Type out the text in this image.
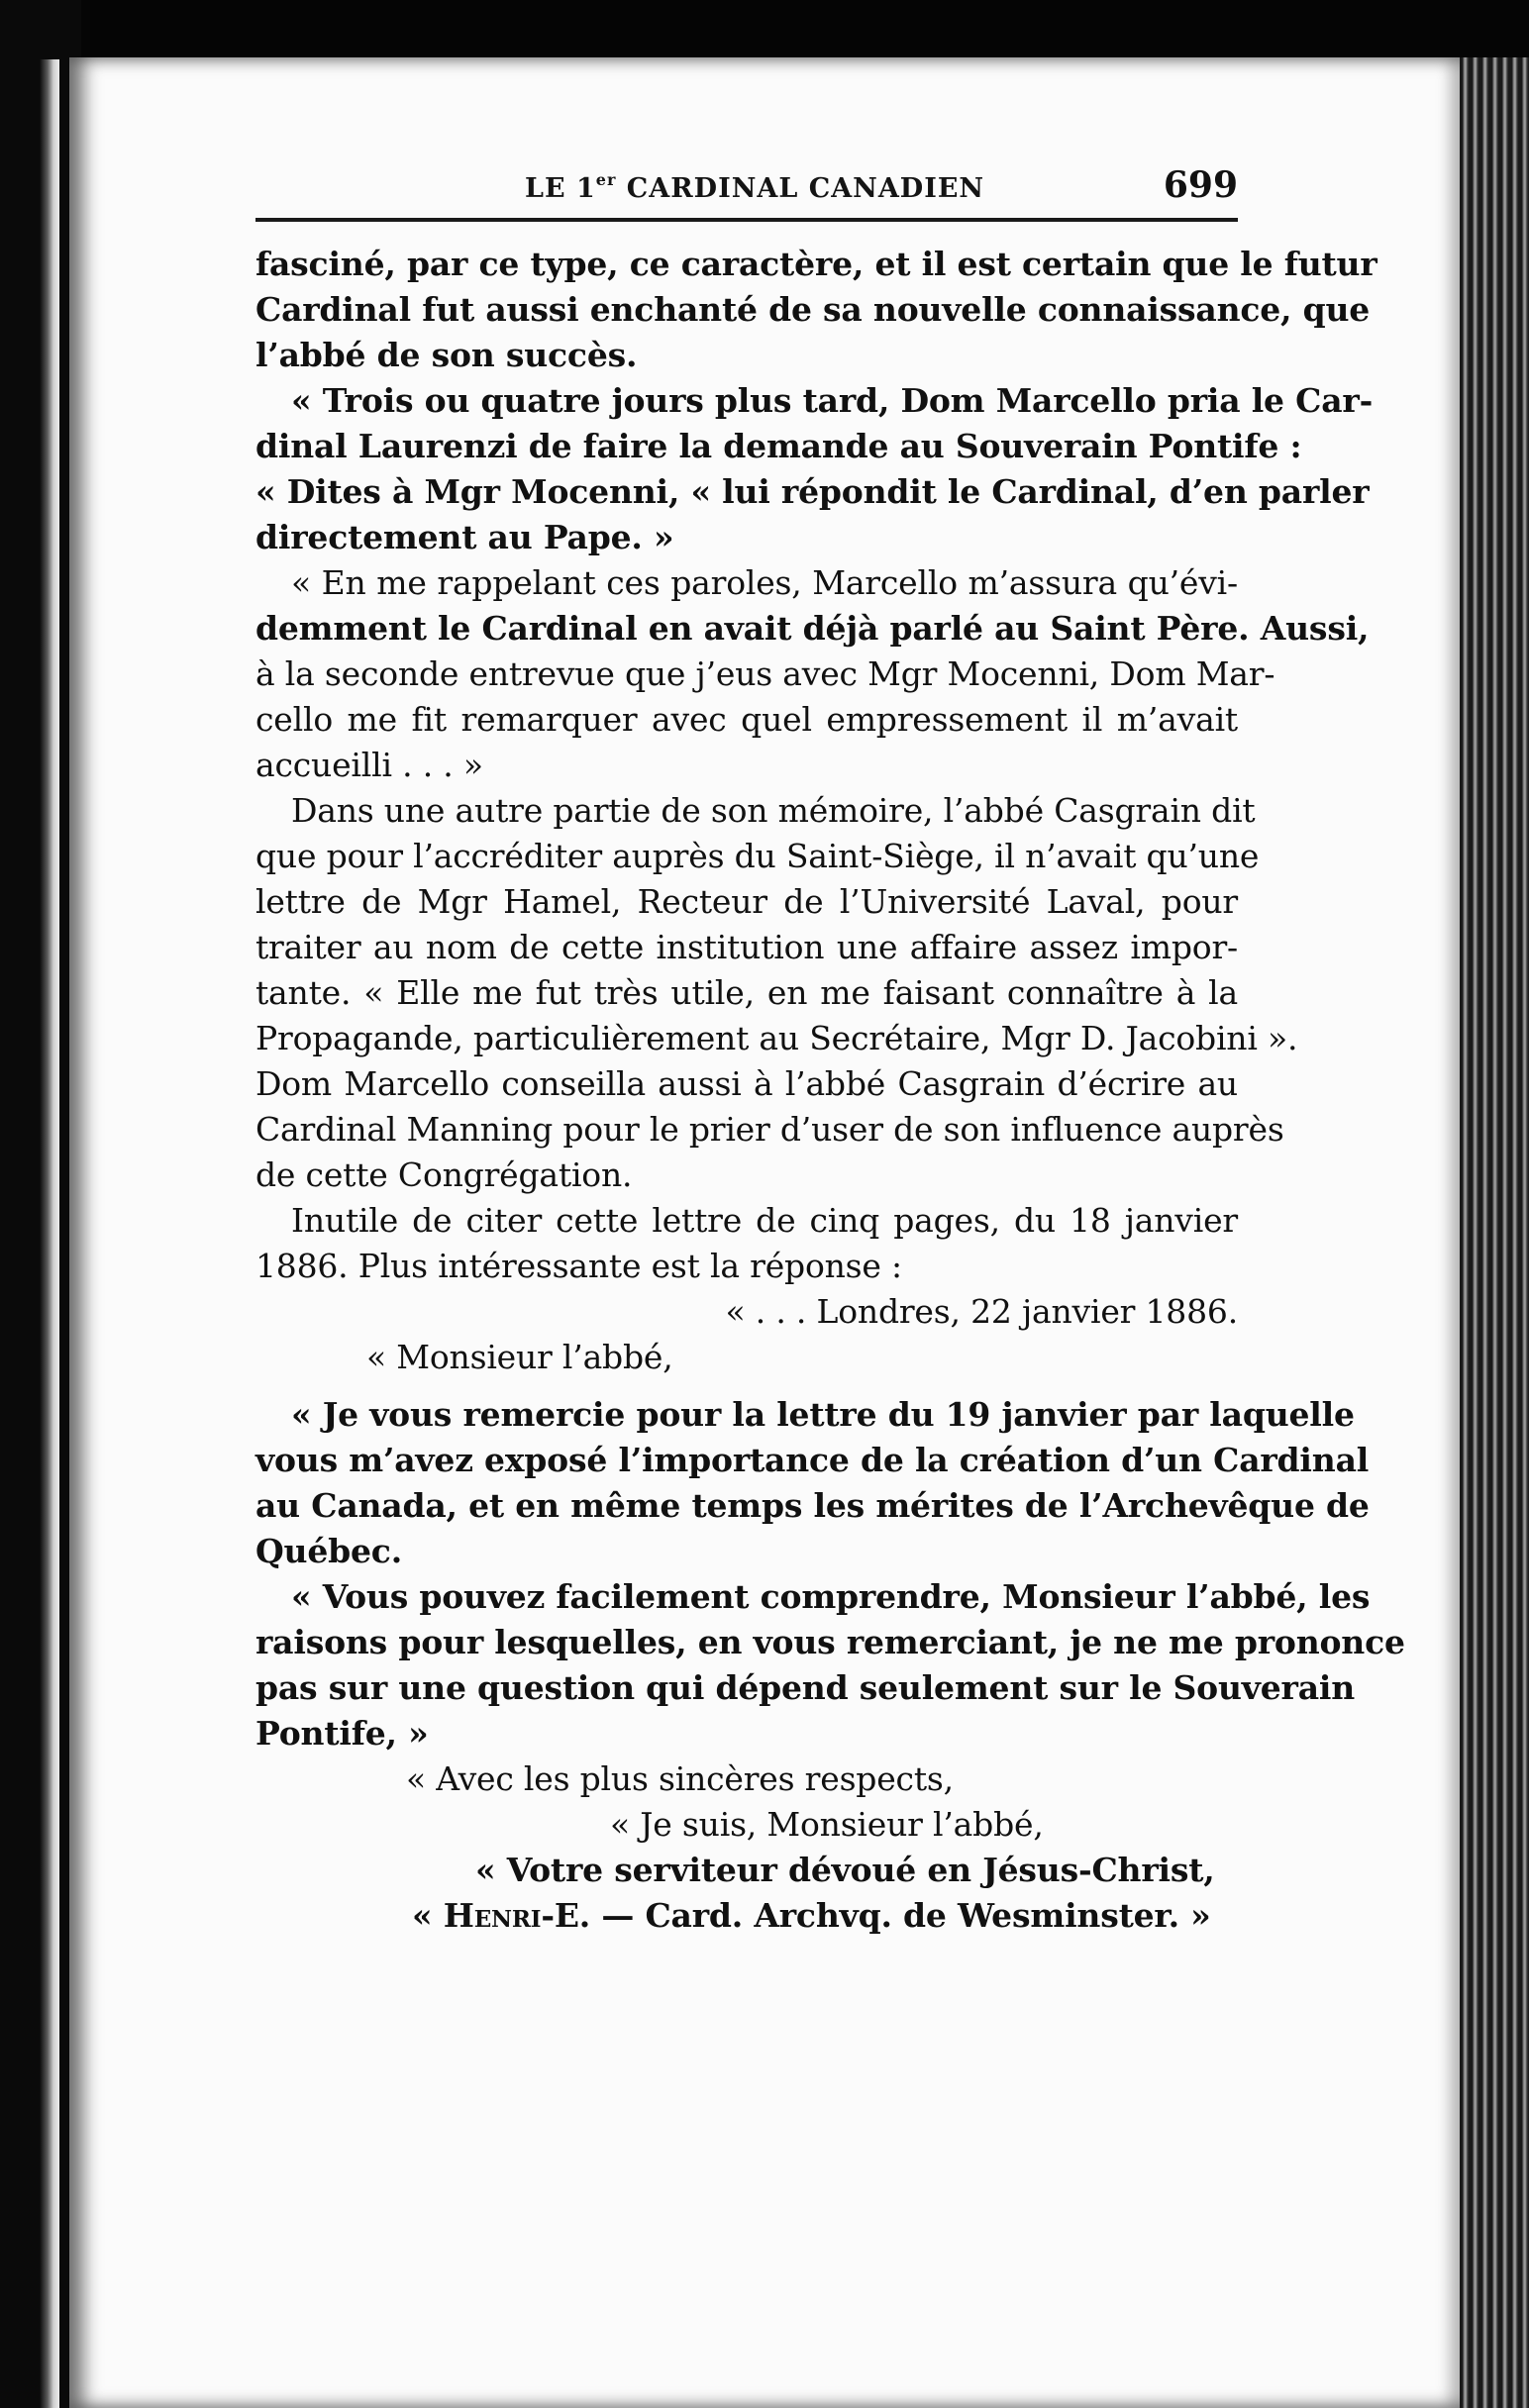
LE 1er CARDINAL CANADIEN	699
fasciné, par ce type, ce caractère, et il est certain que le futur
Cardinal fut aussi enchanté de sa nouvelle connaissance, que
l’abbé de son succès.
« Trois ou quatre jours plus tard, Dom Marcello pria le Car-
dinal Laurenzi de faire la demande au Souverain Pontife :
« Dites à Mgr Mocenni, « lui répondit le Cardinal, d’en parler
directement au Pape. »
« En me rappelant ces paroles, Marcello m’assura qu’évi-
demment le Cardinal en avait déjà parlé au Saint Père. Aussi,
à la seconde entrevue que j’eus avec Mgr Mocenni, Dom Mar-
cello me fit remarquer avec quel empressement il m’avait
accueilli . . . »
Dans une autre partie de son mémoire, l’abbé Casgrain dit
que pour l’accréditer auprès du Saint-Siège, il n’avait qu’une
lettre de Mgr Hamel, Recteur de l’Université Laval, pour
traiter au nom de cette institution une affaire assez impor-
tante. « Elle me fut très utile, en me faisant connaître à la
Propagande, particulièrement au Secrétaire, Mgr D. Jacobini ».
Dom Marcello conseilla aussi à l’abbé Casgrain d’écrire au
Cardinal Manning pour le prier d’user de son influence auprès
de cette Congrégation.
Inutile de citer cette lettre de cinq pages, du 18 janvier
1886. Plus intéressante est la réponse :
« . . . Londres, 22 janvier 1886.
« Monsieur l’abbé,
« Je vous remercie pour la lettre du 19 janvier par laquelle
vous m’avez exposé l’importance de la création d’un Cardinal
au Canada, et en même temps les mérites de l’Archevêque de
Québec.
« Vous pouvez facilement comprendre, Monsieur l’abbé, les
raisons pour lesquelles, en vous remerciant, je ne me prononce
pas sur une question qui dépend seulement sur le Souverain
Pontife, »
« Avec les plus sincères respects,
« Je suis, Monsieur l’abbé,
« Votre serviteur dévoué en Jésus-Christ,
« Henri-E. — Card. Archvq. de Wesminster. »
